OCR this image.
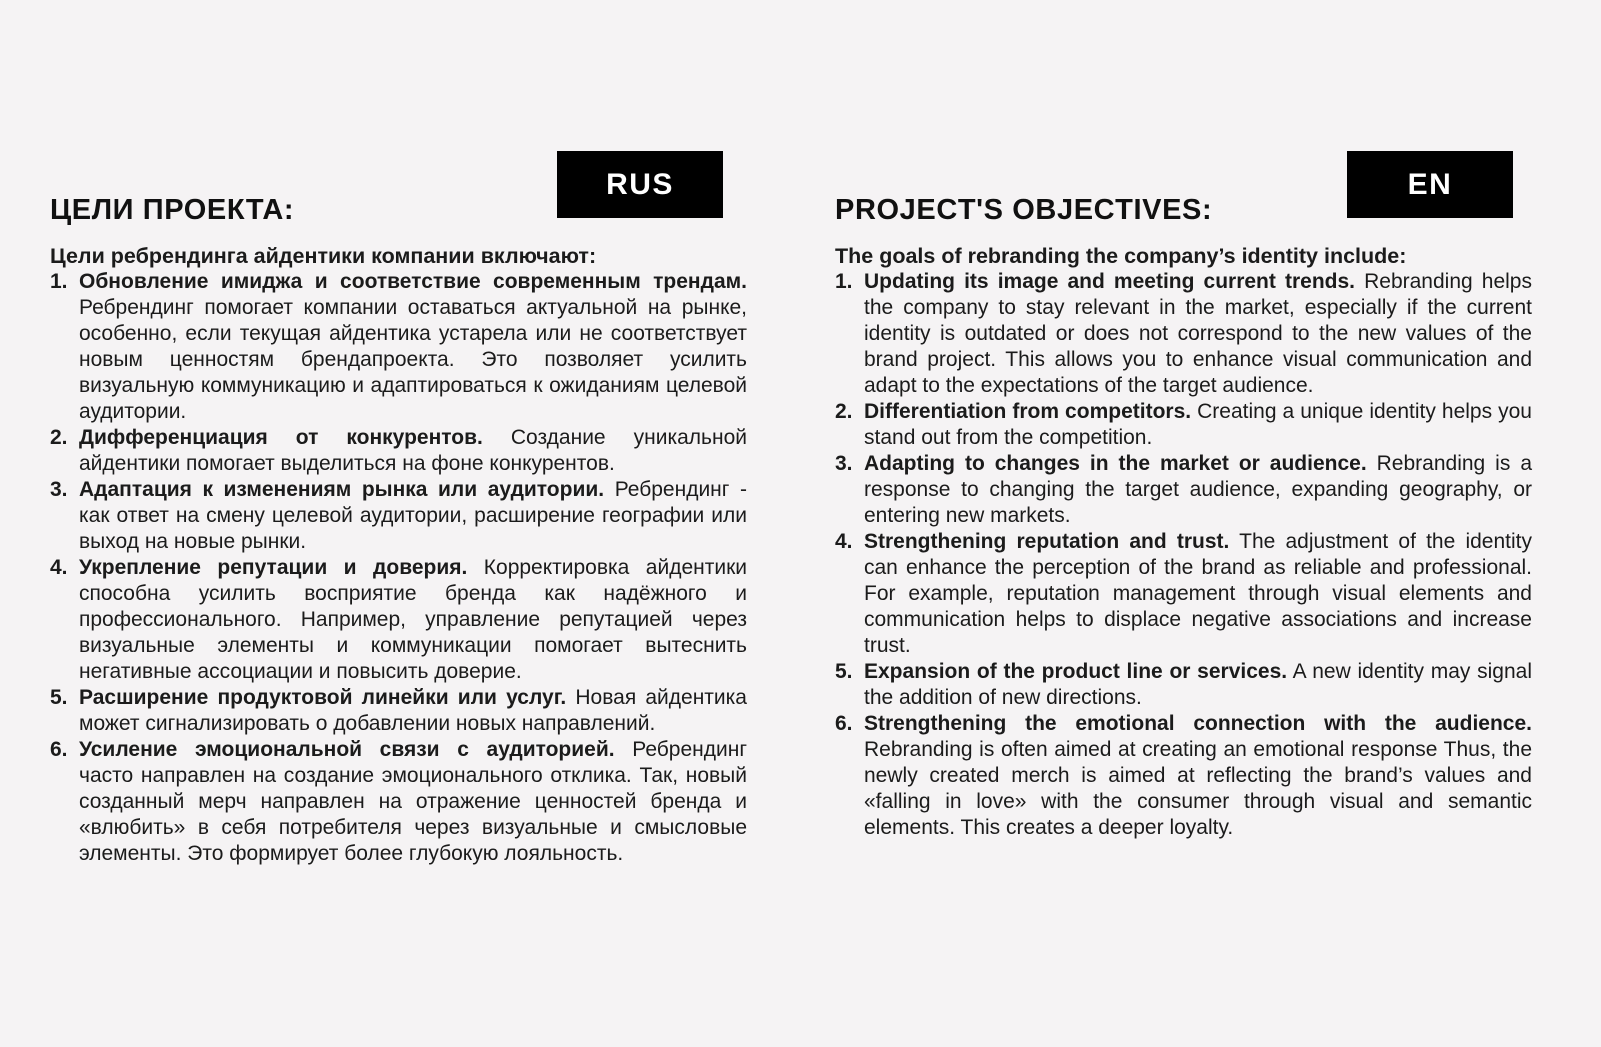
RUS	EN
ЦЕЛИ ПРОЕКТА:

Цели ребрендинга айдентики компании включают:

1. Обновление имиджа и соответствие современным трендам. Ребрендинг помогает компании оставаться актуальной на рынке, особенно, если текущая айдентика устарела или не соответствует новым ценностям брендапроекта. Это позволяет усилить визуальную коммуникацию и адаптироваться к ожиданиям целевой аудитории.
2. Дифференциация от конкурентов. Создание уникальной айдентики помогает выделиться на фоне конкурентов.
3. Адаптация к изменениям рынка или аудитории. Ребрендинг - как ответ на смену целевой аудитории, расширение географии или выход на новые рынки.
4. Укрепление репутации и доверия. Корректировка айдентики способна усилить восприятие бренда как надёжного и профессионального. Например, управление репутацией через визуальные элементы и коммуникации помогает вытеснить негативные ассоциации и повысить доверие.
5. Расширение продуктовой линейки или услуг. Новая айдентика может сигнализировать о добавлении новых направлений.
6. Усиление эмоциональной связи с аудиторией. Ребрендинг часто направлен на создание эмоционального отклика. Так, новый созданный мерч направлен на отражение ценностей бренда и «влюбить» в себя потребителя через визуальные и смысловые элементы. Это формирует более глубокую лояльность.
PROJECT'S OBJECTIVES:

The goals of rebranding the company’s identity include:

1. Updating its image and meeting current trends. Rebranding helps the company to stay relevant in the market, especially if the current identity is outdated or does not correspond to the new values of the brand project. This allows you to enhance visual communication and adapt to the expectations of the target audience.
2. Differentiation from competitors. Creating a unique identity helps you stand out from the competition.
3. Adapting to changes in the market or audience. Rebranding is a response to changing the target audience, expanding geography, or entering new markets.
4. Strengthening reputation and trust. The adjustment of the identity can enhance the perception of the brand as reliable and professional. For example, reputation management through visual elements and communication helps to displace negative associations and increase trust.
5. Expansion of the product line or services. A new identity may signal the addition of new directions.
6. Strengthening the emotional connection with the audience. Rebranding is often aimed at creating an emotional response Thus, the newly created merch is aimed at reflecting the brand’s values and «falling in love» with the consumer through visual and semantic elements. This creates a deeper loyalty.
